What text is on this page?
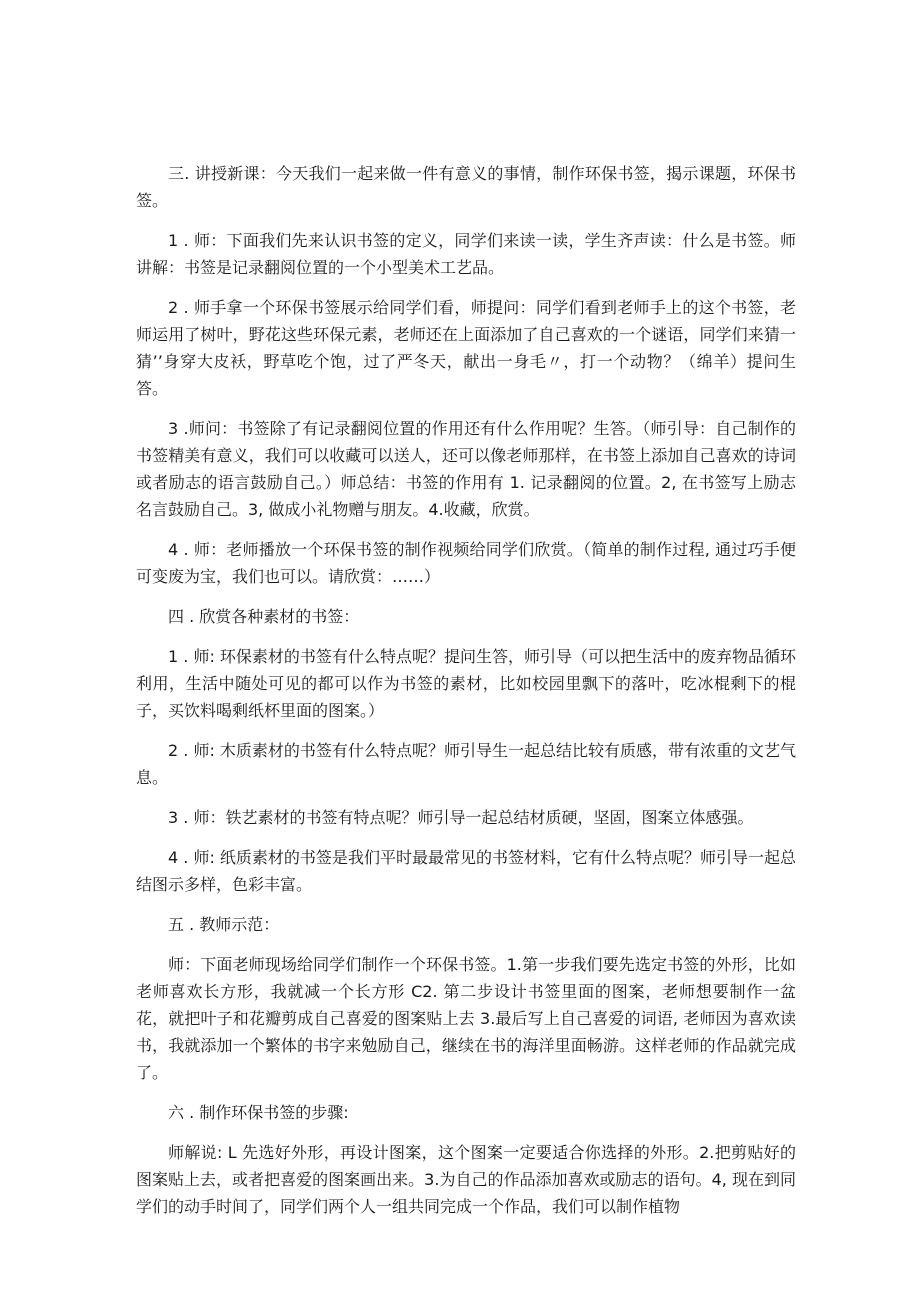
三. 讲授新课：今天我们一起来做一件有意义的事情，制作环保书签，揭示课题，环保书签。

1 . 师：下面我们先来认识书签的定义，同学们来读一读，学生齐声读：什么是书签。师讲解：书签是记录翻阅位置的一个小型美术工艺品。

2 . 师手拿一个环保书签展示给同学们看，师提问：同学们看到老师手上的这个书签，老师运用了树叶，野花这些环保元素，老师还在上面添加了自己喜欢的一个谜语，同学们来猜一猜’’身穿大皮袄，野草吃个饱，过了严冬天，献出一身毛〃，打一个动物？（绵羊）提问生答。

3 .师问：书签除了有记录翻阅位置的作用还有什么作用呢？生答。（师引导：自己制作的书签精美有意义，我们可以收藏可以送人，还可以像老师那样，在书签上添加自己喜欢的诗词或者励志的语言鼓励自己。）师总结：书签的作用有 1. 记录翻阅的位置。2, 在书签写上励志名言鼓励自己。3, 做成小礼物赠与朋友。4.收藏，欣赏。

4 . 师：老师播放一个环保书签的制作视频给同学们欣赏。（简单的制作过程, 通过巧手便可变废为宝，我们也可以。请欣赏：……）

四 . 欣赏各种素材的书签：

1 . 师: 环保素材的书签有什么特点呢？提问生答，师引导（可以把生活中的废弃物品循环利用，生活中随处可见的都可以作为书签的素材，比如校园里飘下的落叶，吃冰棍剩下的棍子，买饮料喝剩纸杯里面的图案。）

2 . 师: 木质素材的书签有什么特点呢？师引导生一起总结比较有质感，带有浓重的文艺气息。

3 . 师：铁艺素材的书签有特点呢？师引导一起总结材质硬，坚固，图案立体感强。

4 . 师: 纸质素材的书签是我们平时最最常见的书签材料，它有什么特点呢？师引导一起总结图示多样，色彩丰富。

五 . 教师示范：

师：下面老师现场给同学们制作一个环保书签。1.第一步我们要先选定书签的外形，比如老师喜欢长方形，我就减一个长方形 C2. 第二步设计书签里面的图案，老师想要制作一盆花，就把叶子和花瓣剪成自己喜爱的图案贴上去 3.最后写上自己喜爱的词语, 老师因为喜欢读书，我就添加一个繁体的书字来勉励自己，继续在书的海洋里面畅游。这样老师的作品就完成了。

六 . 制作环保书签的步骤:

师解说: L 先选好外形，再设计图案，这个图案一定要适合你选择的外形。2.把剪贴好的图案贴上去，或者把喜爱的图案画出来。3.为自己的作品添加喜欢或励志的语句。4, 现在到同学们的动手时间了，同学们两个人一组共同完成一个作品，我们可以制作植物
